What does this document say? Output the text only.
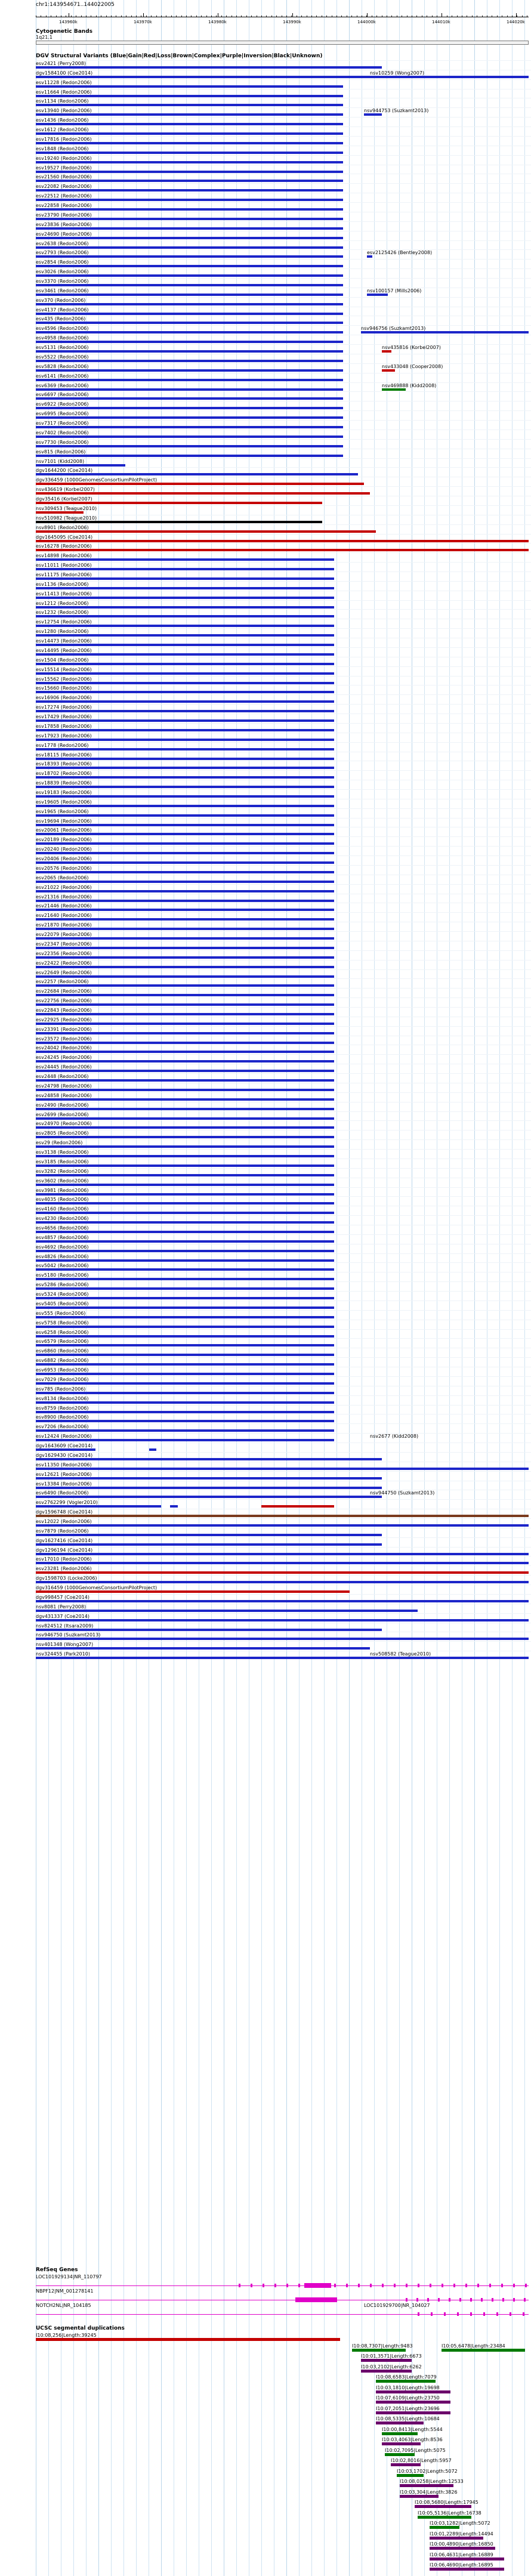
chr1:143954671..144022005
143960k	143970k	143980k	143990k	144000k	144010k	144020k
Cytogenetic Bands
1q21.1
DGV Structural Variants (Blue|Gain|Red|Loss|Brown|Complex|Purple|Inversion|Black|Unknown)
esv2421 (Perry2008)
dgv1584100 (Coe2014)	nsv10259 (Wong2007)
esv11228 (Redon2006)
esv11664 (Redon2006)
esv1134 (Redon2006)
esv13940 (Redon2006)	nsv944753 (Suzkamt2013)
esv1436 (Redon2006)
esv1612 (Redon2006)
esv17816 (Redon2006)
esv1848 (Redon2006)
esv19240 (Redon2006)
esv19527 (Redon2006)
esv21560 (Redon2006)
esv22082 (Redon2006)
esv22512 (Redon2006)
esv22858 (Redon2006)
esv23790 (Redon2006)
esv23836 (Redon2006)
esv24690 (Redon2006)
esv2638 (Redon2006)
esv2793 (Redon2006)	esv2125426 (Bentley2008)
esv2854 (Redon2006)
esv3026 (Redon2006)
esv3370 (Redon2006)
esv3461 (Redon2006)	nsv100157 (Mills2006)
esv370 (Redon2006)
esv4137 (Redon2006)
esv435 (Redon2006)
esv4596 (Redon2006)	nsv946756 (Suzkamt2013)
esv4958 (Redon2006)
esv5131 (Redon2006)	nsv435816 (Korbel2007)
esv5522 (Redon2006)
esv5828 (Redon2006)	nsv433048 (Cooper2008)
esv6141 (Redon2006)
esv6369 (Redon2006)	nsv469888 (Kidd2008)
esv6697 (Redon2006)
esv6922 (Redon2006)
esv6995 (Redon2006)
esv7317 (Redon2006)
esv7402 (Redon2006)
esv7730 (Redon2006)
esv815 (Redon2006)
nsv7101 (Kidd2008)
dgv1644200 (Coe2014)
dgv336459 (1000GenomesConsortiumPilotProject)
nsv436619 (Korbel2007)
dgv35416 (Korbel2007)
nsv309453 (Teague2010)
nsv510982 (Teague2010)
nsv8901 (Redon2006)
dgv1645095 (Coe2014)
esv16278 (Redon2006)
esv14898 (Redon2006)
esv11011 (Redon2006)
esv11175 (Redon2006)
esv1136 (Redon2006)
esv11413 (Redon2006)
esv1212 (Redon2006)
esv1232 (Redon2006)
esv12754 (Redon2006)
esv1280 (Redon2006)
esv14473 (Redon2006)
esv14495 (Redon2006)
esv1504 (Redon2006)
esv15514 (Redon2006)
esv15562 (Redon2006)
esv15660 (Redon2006)
esv16906 (Redon2006)
esv17274 (Redon2006)
esv17429 (Redon2006)
esv17858 (Redon2006)
esv17923 (Redon2006)
esv1778 (Redon2006)
esv18115 (Redon2006)
esv18393 (Redon2006)
esv18702 (Redon2006)
esv18839 (Redon2006)
esv19183 (Redon2006)
esv19605 (Redon2006)
esv1965 (Redon2006)
esv19694 (Redon2006)
esv20061 (Redon2006)
esv20189 (Redon2006)
esv20240 (Redon2006)
esv20406 (Redon2006)
esv20576 (Redon2006)
esv2065 (Redon2006)
esv21022 (Redon2006)
esv21316 (Redon2006)
esv21446 (Redon2006)
esv21640 (Redon2006)
esv21870 (Redon2006)
esv22079 (Redon2006)
esv22347 (Redon2006)
esv22356 (Redon2006)
esv22422 (Redon2006)
esv22649 (Redon2006)
esv2257 (Redon2006)
esv22684 (Redon2006)
esv22756 (Redon2006)
esv22843 (Redon2006)
esv22925 (Redon2006)
esv23391 (Redon2006)
esv23572 (Redon2006)
esv24042 (Redon2006)
esv24245 (Redon2006)
esv24445 (Redon2006)
esv2448 (Redon2006)
esv24798 (Redon2006)
esv24858 (Redon2006)
esv2490 (Redon2006)
esv2699 (Redon2006)
esv24970 (Redon2006)
esv2805 (Redon2006)
esv29 (Redon2006)
esv3138 (Redon2006)
esv3185 (Redon2006)
esv3282 (Redon2006)
esv3602 (Redon2006)
esv3981 (Redon2006)
esv4035 (Redon2006)
esv4160 (Redon2006)
esv4230 (Redon2006)
esv4656 (Redon2006)
esv4857 (Redon2006)
esv4692 (Redon2006)
esv4826 (Redon2006)
esv5042 (Redon2006)
esv5180 (Redon2006)
esv5286 (Redon2006)
esv5324 (Redon2006)
esv5405 (Redon2006)
esv555 (Redon2006)
esv5758 (Redon2006)
esv6258 (Redon2006)
esv6579 (Redon2006)
esv6860 (Redon2006)
esv6882 (Redon2006)
esv6953 (Redon2006)
esv7029 (Redon2006)
esv785 (Redon2006)
esv8134 (Redon2006)
esv8759 (Redon2006)
esv8900 (Redon2006)
esv7206 (Redon2006)
esv12424 (Redon2006)	nsv2677 (Kidd2008)
dgv1643609 (Coe2014)
dgv1629430 (Coe2014)
esv11350 (Redon2006)
esv12621 (Redon2006)
esv13384 (Redon2006)
esv6490 (Redon2006)	nsv944750 (Suzkamt2013)
esv2762299 (Vogler2010)
dgv1596748 (Coe2014)
esv12022 (Redon2006)
esv7879 (Redon2006)
dgv1627416 (Coe2014)
dgv1296194 (Coe2014)
esv17010 (Redon2006)
esv23281 (Redon2006)
dgv1598703 (Locke2006)
dgv316459 (1000GenomesConsortiumPilotProject)
dgv998457 (Coe2014)
nsv8081 (Perry2008)
dgv431337 (Coe2014)
nsv824512 (Itsara2009)
nsv946750 (Suzkamt2013)
nsv401348 (Wong2007)
nsv324455 (Park2010)	nsv508582 (Teague2010)
RefSeq Genes
LOC101929134|NR_110797
NBPF12|NM_001278141
NOTCH2NL|NR_104185	LOC101929700|NR_104027
UCSC segmental duplications
I10:08,256|Length:39245
I10:08,7307|Length:9483	I10:05,6478|Length:23484
I10:01,3571|Length:6673
I10:03,2102|Length:6262
I10:08,6583|Length:7079
I10:03,1810|Length:19698
I10:07,6109|Length:23750
I10:07,2051|Length:23696
I10:08,5335|Length:10684
I10:00,8413|Length:5544
I10:03,4063|Length:8536
I10:02,7095|Length:5075
I10:02,8016|Length:5957
I10:03,1702|Length:5072
I10:08,0258|Length:12533
I10:03,304|Length:3826
I10:08,5680|Length:17945
I10:05,5136|Length:16738
I10:03,1282|Length:5072
I10:01,2289|Length:14494
I10:00,4890|Length:16850
I10:06,4631|Length:16889
I10:06,4690|Length:16895
